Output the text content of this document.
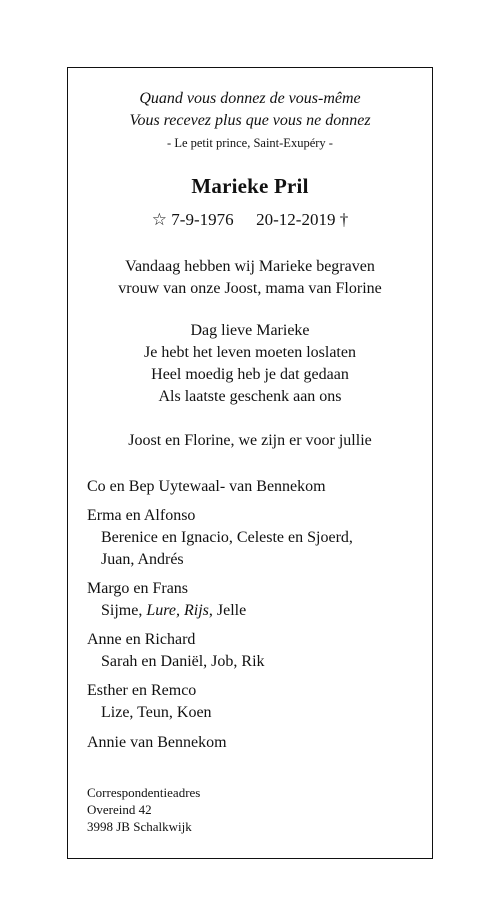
Quand vous donnez de vous-même
Vous recevez plus que vous ne donnez
- Le petit prince, Saint-Exupéry -
Marieke Pril
☆ 7-9-1976 20-12-2019 †
Vandaag hebben wij Marieke begraven
vrouw van onze Joost, mama van Florine
Dag lieve Marieke
Je hebt het leven moeten loslaten
Heel moedig heb je dat gedaan
Als laatste geschenk aan ons
Joost en Florine, we zijn er voor jullie
Co en Bep Uytewaal- van Bennekom
Erma en Alfonso
Berenice en Ignacio, Celeste en Sjoerd,
Juan, Andrés
Margo en Frans
Sijme, Lure, Rijs, Jelle
Anne en Richard
Sarah en Daniël, Job, Rik
Esther en Remco
Lize, Teun, Koen
Annie van Bennekom
Correspondentieadres
Overeind 42
3998 JB Schalkwijk
